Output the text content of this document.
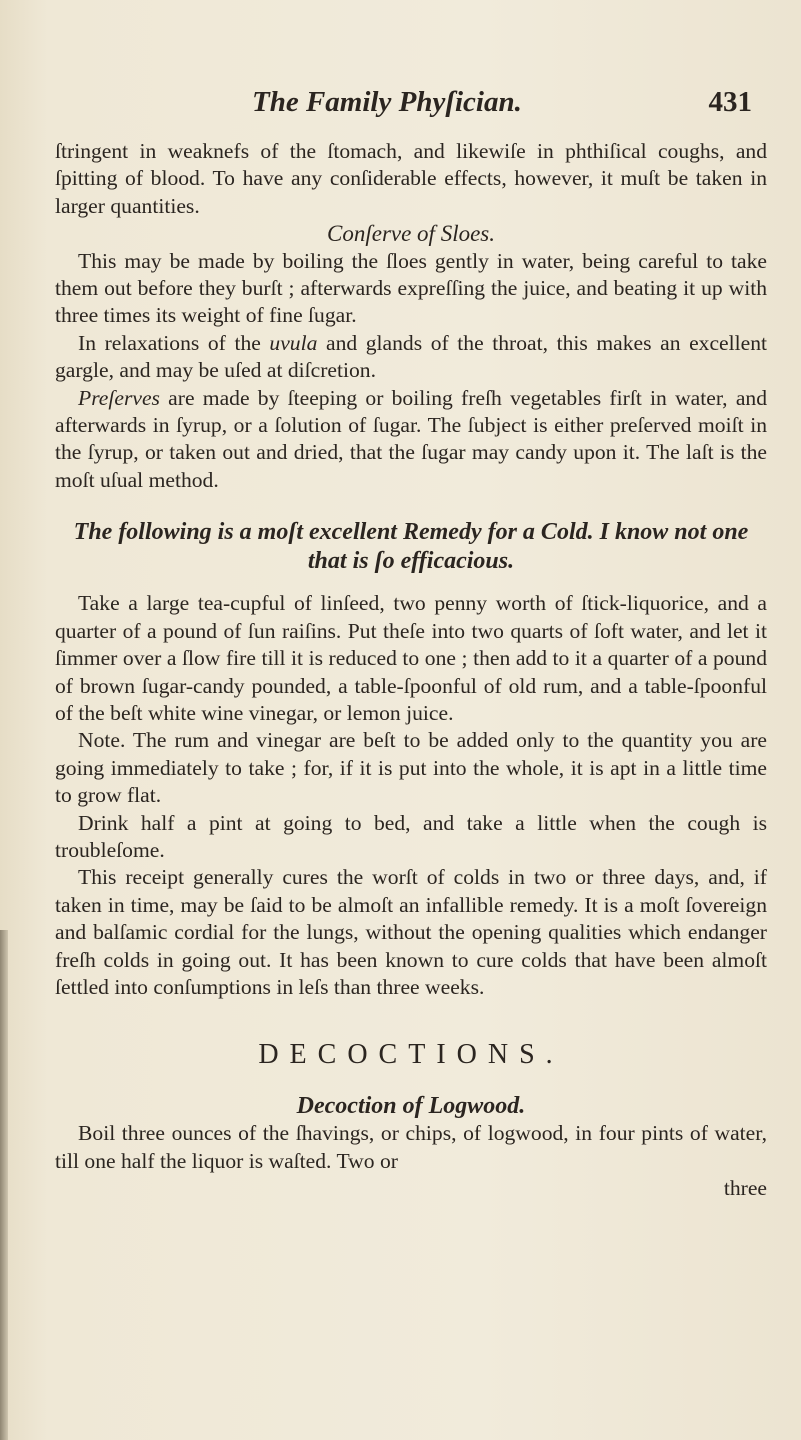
The Family Phyſician.	431

ſtringent in weaknefs of the ſtomach, and likewiſe in phthiſical coughs, and ſpitting of blood. To have any conſiderable effects, however, it muſt be taken in larger quantities.

Conſerve of Sloes.

This may be made by boiling the ſloes gently in water, being careful to take them out before they burſt ; afterwards expreſſing the juice, and beating it up with three times its weight of fine ſugar.

In relaxations of the uvula and glands of the throat, this makes an excellent gargle, and may be uſed at diſcretion.

Preſerves are made by ſteeping or boiling freſh vegetables firſt in water, and afterwards in ſyrup, or a ſolution of ſugar. The ſubject is either preſerved moiſt in the ſyrup, or taken out and dried, that the ſugar may candy upon it. The laſt is the moſt uſual method.

The following is a moſt excellent Remedy for a Cold. I know not one that is ſo efficacious.

Take a large tea-cupful of linſeed, two penny worth of ſtick-liquorice, and a quarter of a pound of ſun raiſins. Put theſe into two quarts of ſoft water, and let it ſimmer over a ſlow fire till it is reduced to one ; then add to it a quarter of a pound of brown ſugar-candy pounded, a table-ſpoonful of old rum, and a table-ſpoonful of the beſt white wine vinegar, or lemon juice.

Note. The rum and vinegar are beſt to be added only to the quantity you are going immediately to take ; for, if it is put into the whole, it is apt in a little time to grow flat.

Drink half a pint at going to bed, and take a little when the cough is troubleſome.

This receipt generally cures the worſt of colds in two or three days, and, if taken in time, may be ſaid to be almoſt an infallible remedy. It is a moſt ſovereign and balſamic cordial for the lungs, without the opening qualities which endanger freſh colds in going out. It has been known to cure colds that have been almoſt ſettled into conſumptions in leſs than three weeks.

DECOCTIONS.

Decoction of Logwood.

Boil three ounces of the ſhavings, or chips, of logwood, in four pints of water, till one half the liquor is waſted. Two or

three
